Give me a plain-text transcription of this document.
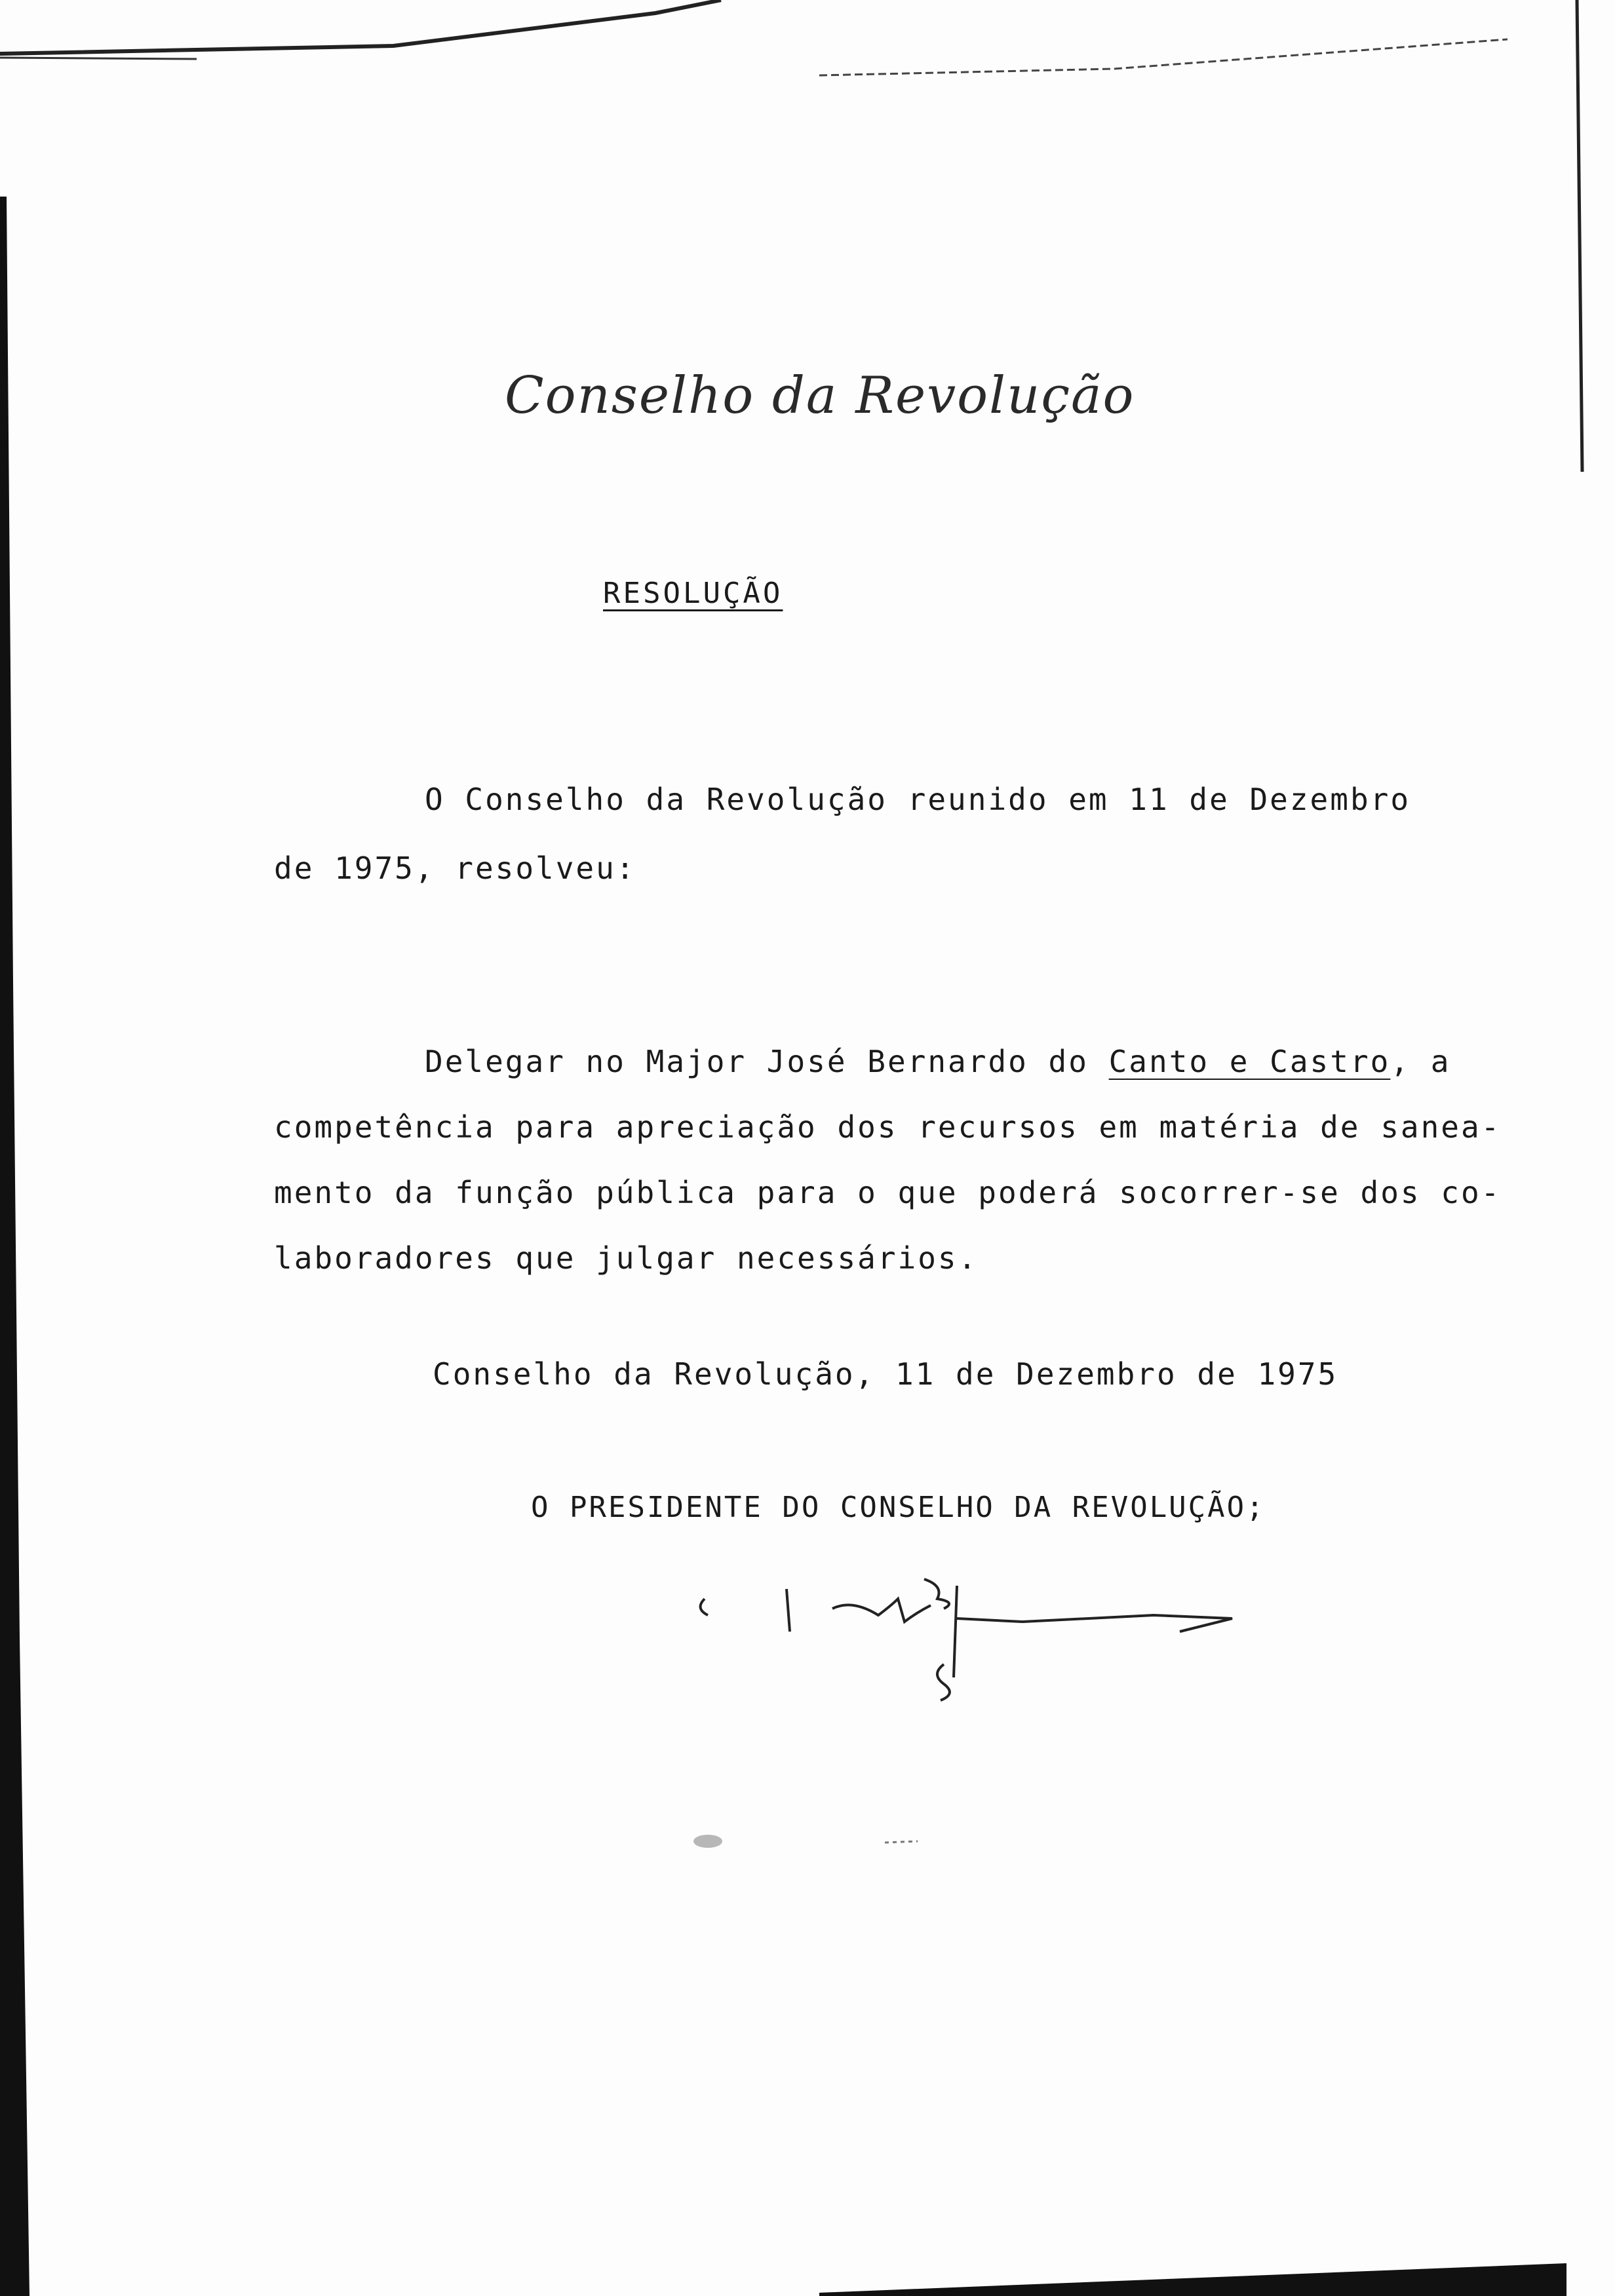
Conselho da Revolução
RESOLUÇÃO
O Conselho da Revolução reunido em 11 de Dezembro
de 1975, resolveu:
Delegar no Major José Bernardo do Canto e Castro, a
competência para apreciação dos recursos em matéria de sanea-
mento da função pública para o que poderá socorrer-se dos co-
laboradores que julgar necessários.
Conselho da Revolução, 11 de Dezembro de 1975
O PRESIDENTE DO CONSELHO DA REVOLUÇÃO;
